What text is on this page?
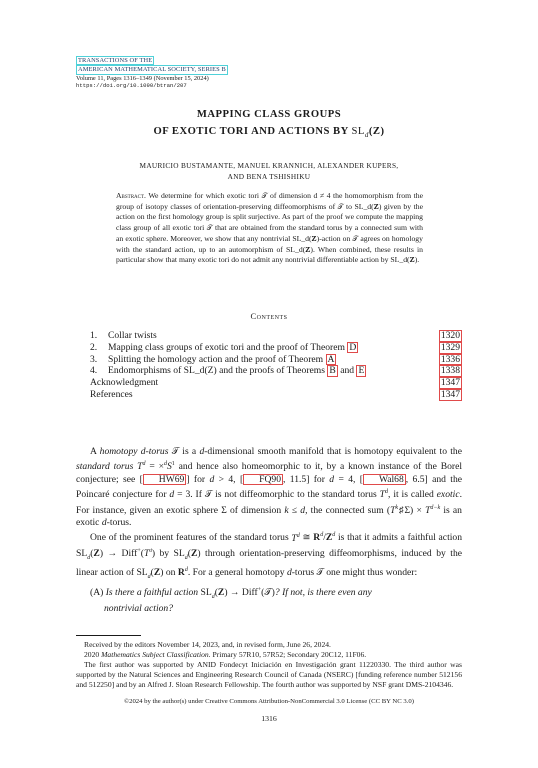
TRANSACTIONS OF THE
AMERICAN MATHEMATICAL SOCIETY, SERIES B
Volume 11, Pages 1316–1349 (November 15, 2024)
https://doi.org/10.1090/btran/207
MAPPING CLASS GROUPS
OF EXOTIC TORI AND ACTIONS BY $SL_d(Z)$
MAURICIO BUSTAMANTE, MANUEL KRANNICH, ALEXANDER KUPERS,
AND BENA TSHISHIKU
Abstract. We determine for which exotic tori 𝒯 of dimension d ≠ 4 the homomorphism from the group of isotopy classes of orientation-preserving diffeomorphisms of 𝒯 to SL_d(𝐙) given by the action on the first homology group is split surjective. As part of the proof we compute the mapping class group of all exotic tori 𝒯 that are obtained from the standard torus by a connected sum with an exotic sphere. Moreover, we show that any nontrivial SL_d(𝐙)-action on 𝒯 agrees on homology with the standard action, up to an automorphism of SL_d(𝐙). When combined, these results in particular show that many exotic tori do not admit any nontrivial differentiable action by SL_d(𝐙).
Contents
1. Collar twists	1320
2. Mapping class groups of exotic tori and the proof of Theorem D	1329
3. Splitting the homology action and the proof of Theorem A	1336
4. Endomorphisms of SL_d(Z) and the proofs of Theorems B and E	1338
Acknowledgment	1347
References	1347

A homotopy d-torus 𝒯 is a d-dimensional smooth manifold that is homotopy equivalent to the standard torus $T^d = \times^dS^1$ and hence also homeomorphic to it, by a known instance of the Borel conjecture; see [ HW69 ] for d > 4, [ FQ90 , 11.5] for d = 4, [ Wal68 , 6.5] and the Poincaré conjecture for d = 3. If 𝒯 is not diffeomorphic to the standard torus $T^d$, it is called exotic. For instance, given an exotic sphere Σ of dimension k ≤ d, the connected sum $(T^k♯\Sigma) \times T^{d-k}$ is an exotic d-torus.

One of the prominent features of the standard torus $T^d$ ≅ $R^d/Z^d$ is that it admits a faithful action $SL_d(Z)$ → $Diff^+(T^d)$ by $SL_d(Z)$ through orientation-preserving diffeomorphisms, induced by the linear action of $SL_d(Z)$ on $R^d$. For a general homotopy d-torus 𝒯 one might thus wonder:

(A) Is there a faithful action $SL_d(Z)$ → Diff+(𝒯)? If not, is there even any
nontrivial action?

Received by the editors November 14, 2023, and, in revised form, June 26, 2024.

2020 Mathematics Subject Classification. Primary 57R10, 57R52; Secondary 20C12, 11F06.

The first author was supported by ANID Fondecyt Iniciación en Investigación grant 11220330. The third author was supported by the Natural Sciences and Engineering Research Council of Canada (NSERC) [funding reference number 512156 and 512250] and by an Alfred J. Sloan Research Fellowship. The fourth author was supported by NSF grant DMS-2104346.

©2024 by the author(s) under Creative Commons Attribution-NonCommercial 3.0 License (CC BY NC 3.0)
1316
